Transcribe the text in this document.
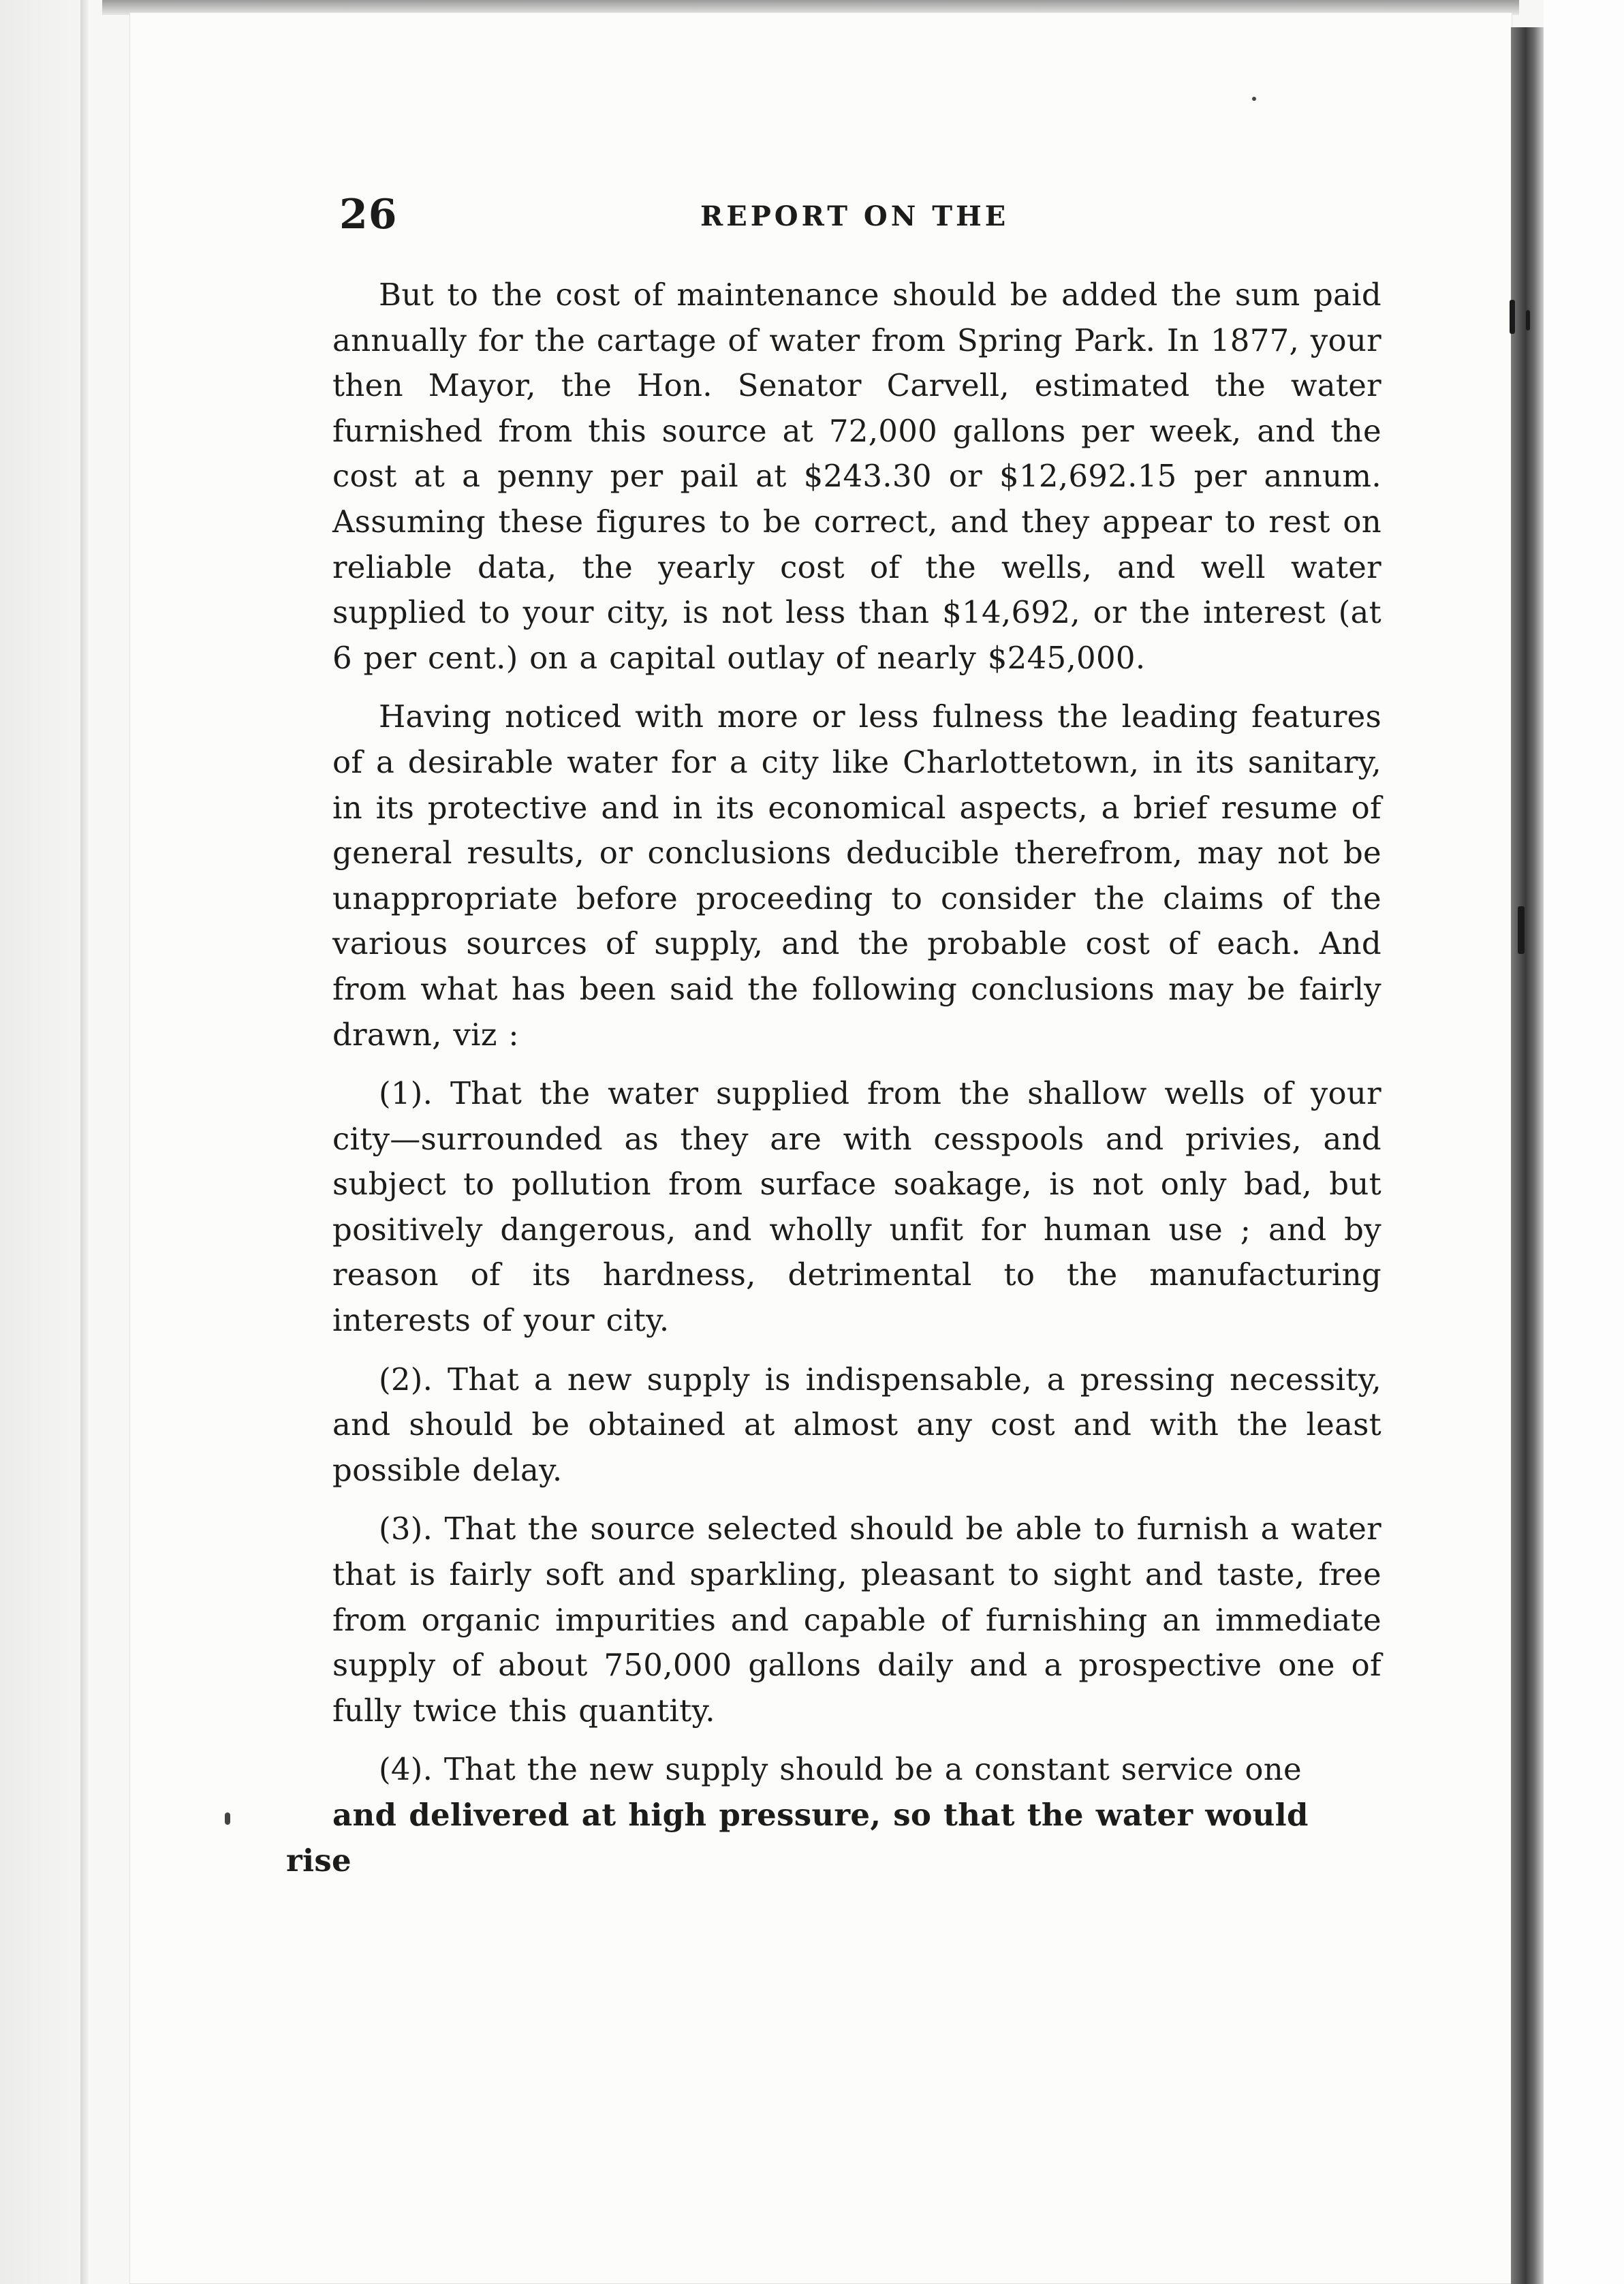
26	REPORT ON THE

But to the cost of maintenance should be added the sum paid annually for the cartage of water from Spring Park. In 1877, your then Mayor, the Hon. Senator Carvell, estimated the water furnished from this source at 72,000 gallons per week, and the cost at a penny per pail at $243.30 or $12,692.15 per annum. Assuming these figures to be correct, and they appear to rest on reliable data, the yearly cost of the wells, and well water supplied to your city, is not less than $14,692, or the interest (at 6 per cent.) on a capital outlay of nearly $245,000.

Having noticed with more or less fulness the leading features of a desirable water for a city like Charlottetown, in its sanitary, in its protective and in its economical aspects, a brief resume of general results, or conclusions deducible therefrom, may not be unappropriate before proceeding to consider the claims of the various sources of supply, and the probable cost of each. And from what has been said the following conclusions may be fairly drawn, viz :

(1). That the water supplied from the shallow wells of your city—surrounded as they are with cesspools and privies, and subject to pollution from surface soakage, is not only bad, but positively dangerous, and wholly unfit for human use ; and by reason of its hardness, detrimental to the manufacturing interests of your city.

(2). That a new supply is indispensable, a pressing necessity, and should be obtained at almost any cost and with the least possible delay.

(3). That the source selected should be able to furnish a water that is fairly soft and sparkling, pleasant to sight and taste, free from organic impurities and capable of furnishing an immediate supply of about 750,000 gallons daily and a prospective one of fully twice this quantity.

(4). That the new supply should be a constant service one
and delivered at high pressure, so that the water would rise
